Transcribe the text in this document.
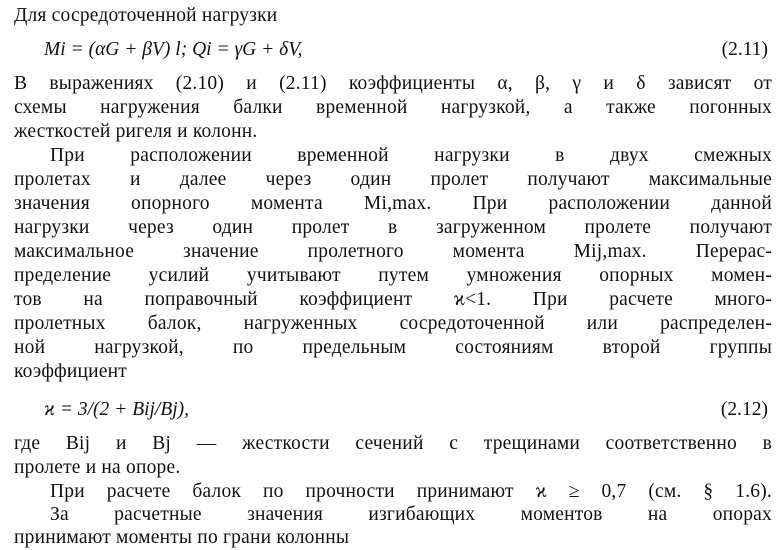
Для сосредоточенной нагрузки
Mi = (αG + βV) l; Qi = γG + δV,	(2.11)
В выражениях (2.10) и (2.11) коэффициенты α, β, γ и δ зависят от
схемы нагружения балки временной нагрузкой, а также погонных
жесткостей ригеля и колонн.
При расположении временной нагрузки в двух смежных
пролетах и далее через один пролет получают максимальные
значения опорного момента Mi,max. При расположении данной
нагрузки через один пролет в загруженном пролете получают
максимальное значение пролетного момента Mij,max. Перерас-
пределение усилий учитывают путем умножения опорных момен-
тов на поправочный коэффициент ϰ<1. При расчете много-
пролетных балок, нагруженных сосредоточенной или распределен-
ной нагрузкой, по предельным состояниям второй группы
коэффициент
ϰ = 3/(2 + Bij/Bj),	(2.12)
где Bij и Bj — жесткости сечений с трещинами соответственно в
пролете и на опоре.
При расчете балок по прочности принимают ϰ ≥ 0,7 (см. § 1.6).
За расчетные значения изгибающих моментов на опорах
принимают моменты по грани колонны
